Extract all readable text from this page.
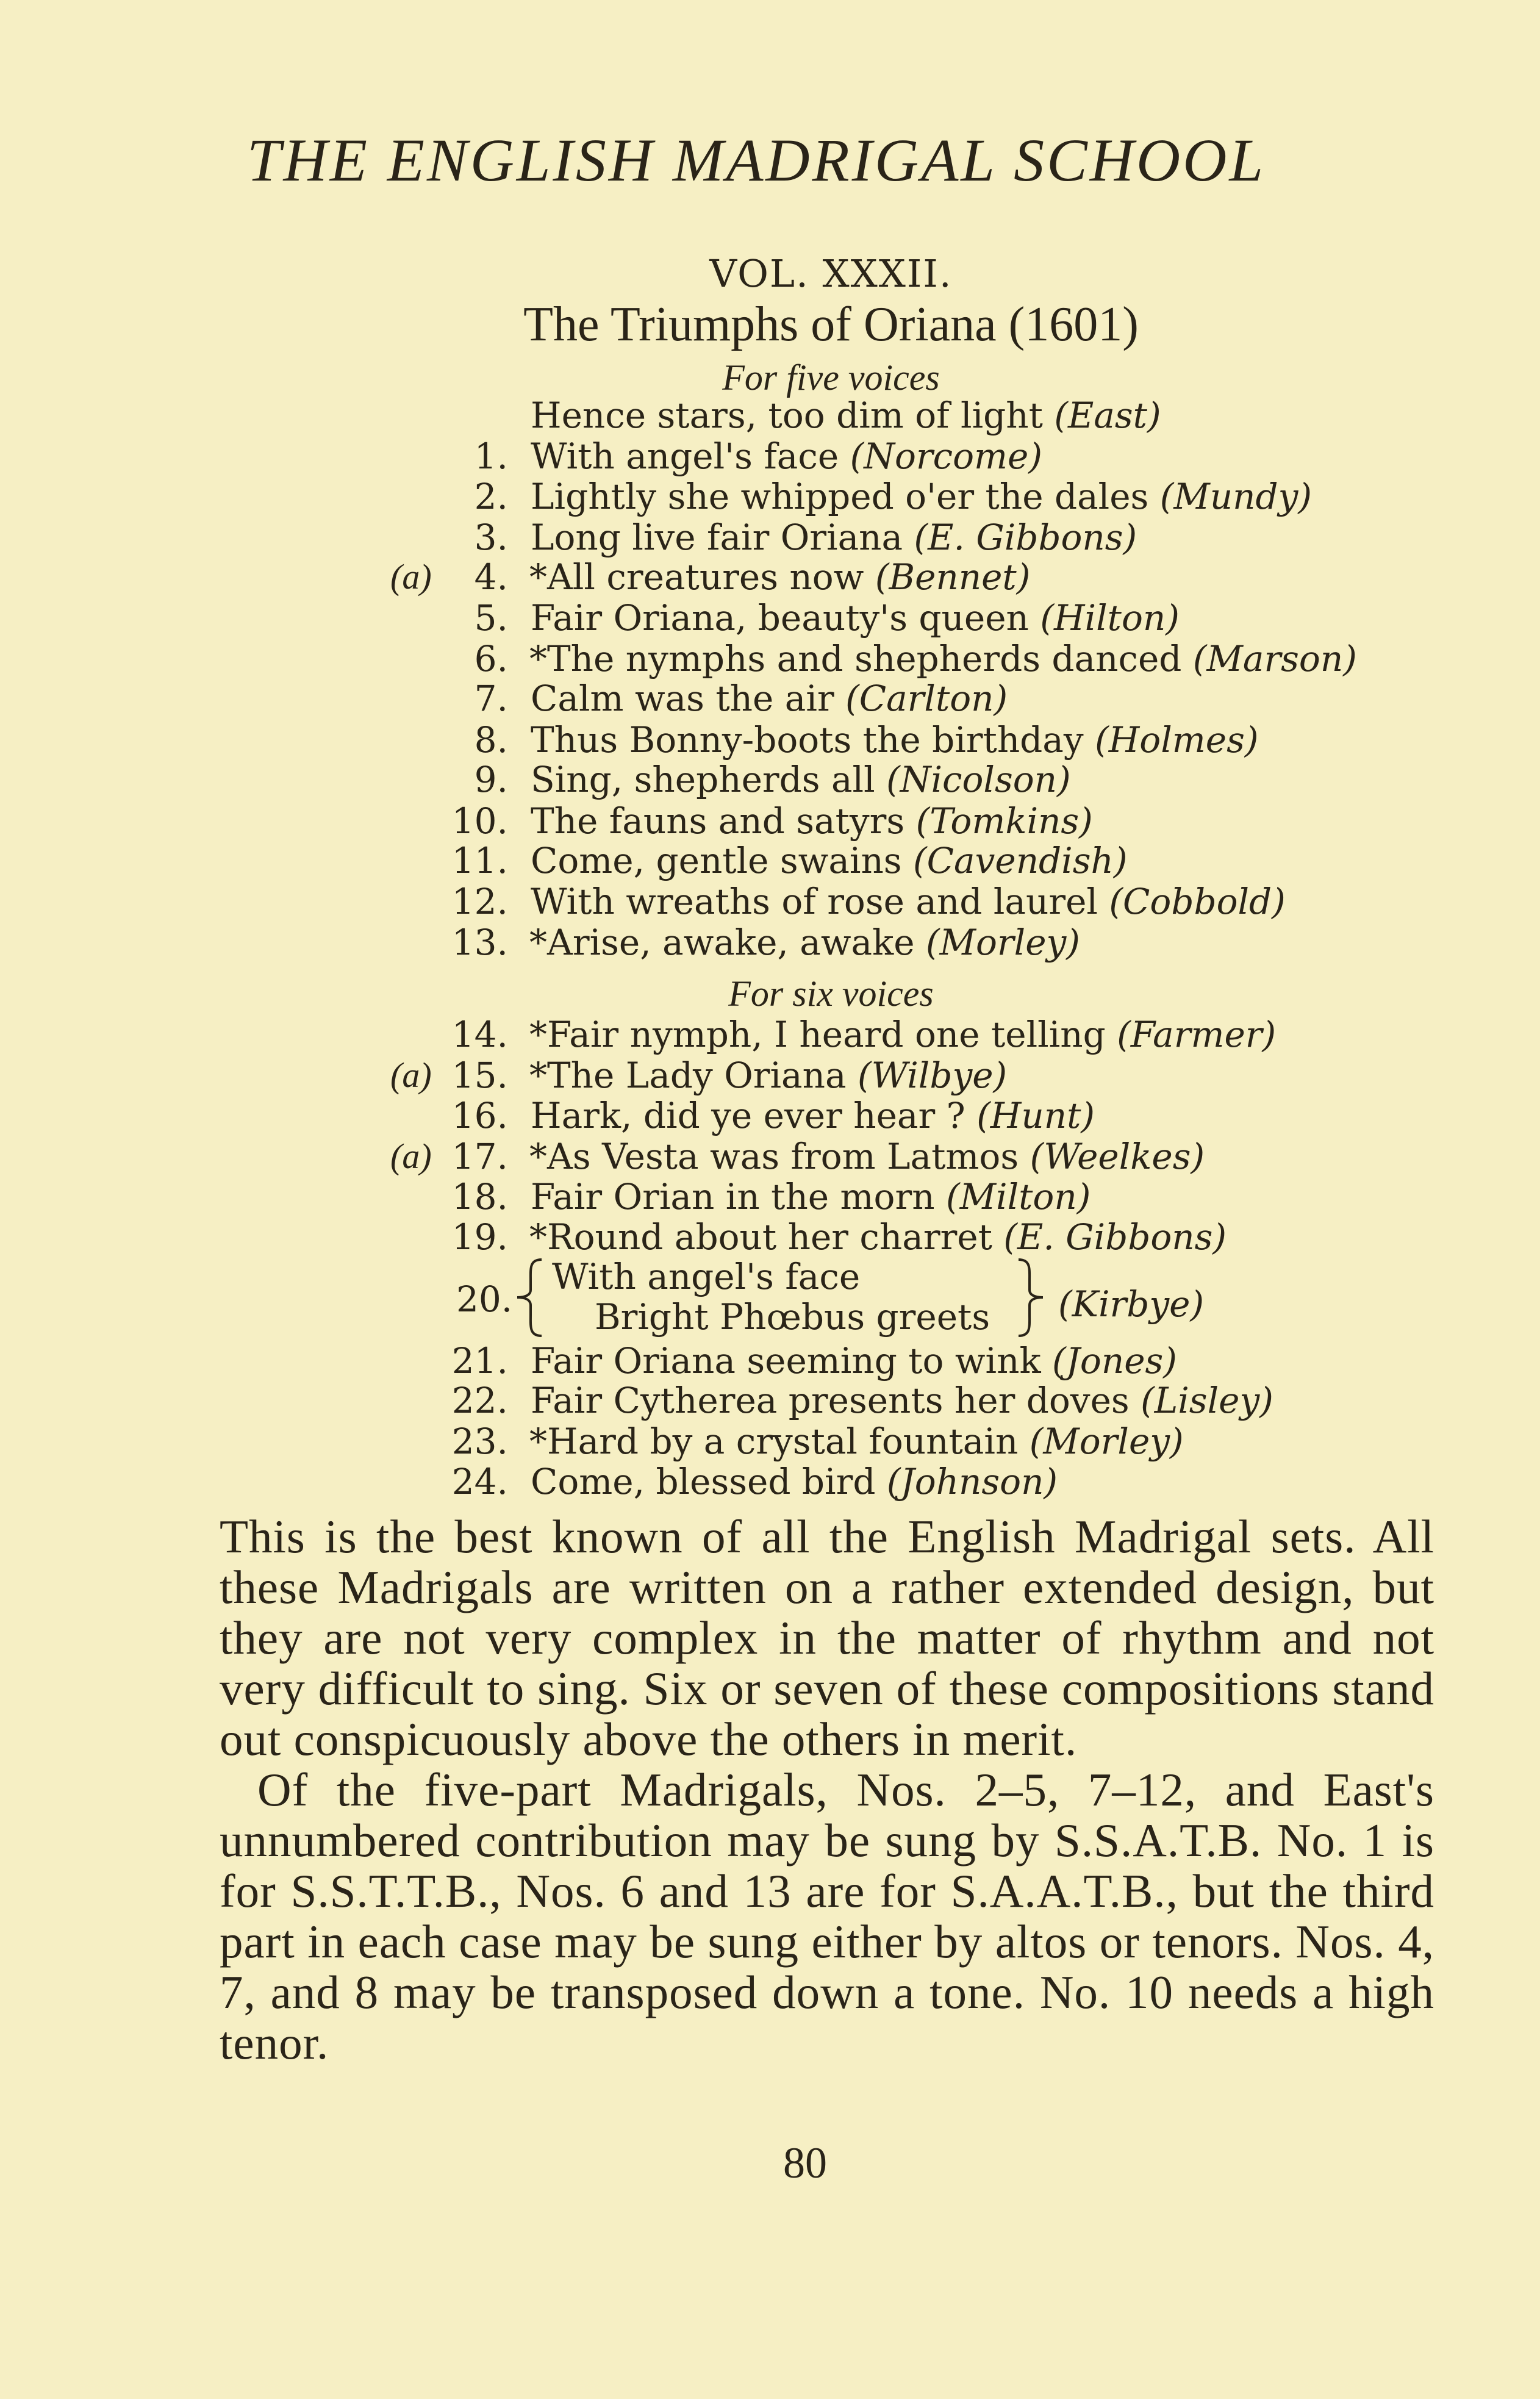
THE ENGLISH MADRIGAL SCHOOL
VOL. XXXII.
The Triumphs of Oriana (1601)
For five voices
For six voices
Hence stars, too dim of light (East)
1. With angel's face (Norcome)
2. Lightly she whipped o'er the dales (Mundy)
3. Long live fair Oriana (E. Gibbons)
(a) 4. *All creatures now (Bennet)
5. Fair Oriana, beauty's queen (Hilton)
6. *The nymphs and shepherds danced (Marson)
7. Calm was the air (Carlton)
8. Thus Bonny-boots the birthday (Holmes)
9. Sing, shepherds all (Nicolson)
10. The fauns and satyrs (Tomkins)
11. Come, gentle swains (Cavendish)
12. With wreaths of rose and laurel (Cobbold)
13. *Arise, awake, awake (Morley)
14. *Fair nymph, I heard one telling (Farmer)
(a) 15. *The Lady Oriana (Wilbye)
16. Hark, did ye ever hear ? (Hunt)
(a) 17. *As Vesta was from Latmos (Weelkes)
18. Fair Orian in the morn (Milton)
19. *Round about her charret (E. Gibbons)
21. Fair Oriana seeming to wink (Jones)
22. Fair Cytherea presents her doves (Lisley)
23. *Hard by a crystal fountain (Morley)
24. Come, blessed bird (Johnson)
20.
With angel's face
Bright Phœbus greets (Kirbye)

This is the best known of all the English Madrigal sets. All these Madrigals are written on a rather extended design, but they are not very complex in the matter of rhythm and not very difficult to sing. Six or seven of these compositions stand out conspicuously above the others in merit.

Of the five-part Madrigals, Nos. 2–5, 7–12, and East's unnumbered contribution may be sung by S.S.A.T.B. No. 1 is for S.S.T.T.B., Nos. 6 and 13 are for S.A.A.T.B., but the third part in each case may be sung either by altos or tenors. Nos. 4, 7, and 8 may be transposed down a tone. No. 10 needs a high tenor.

80
